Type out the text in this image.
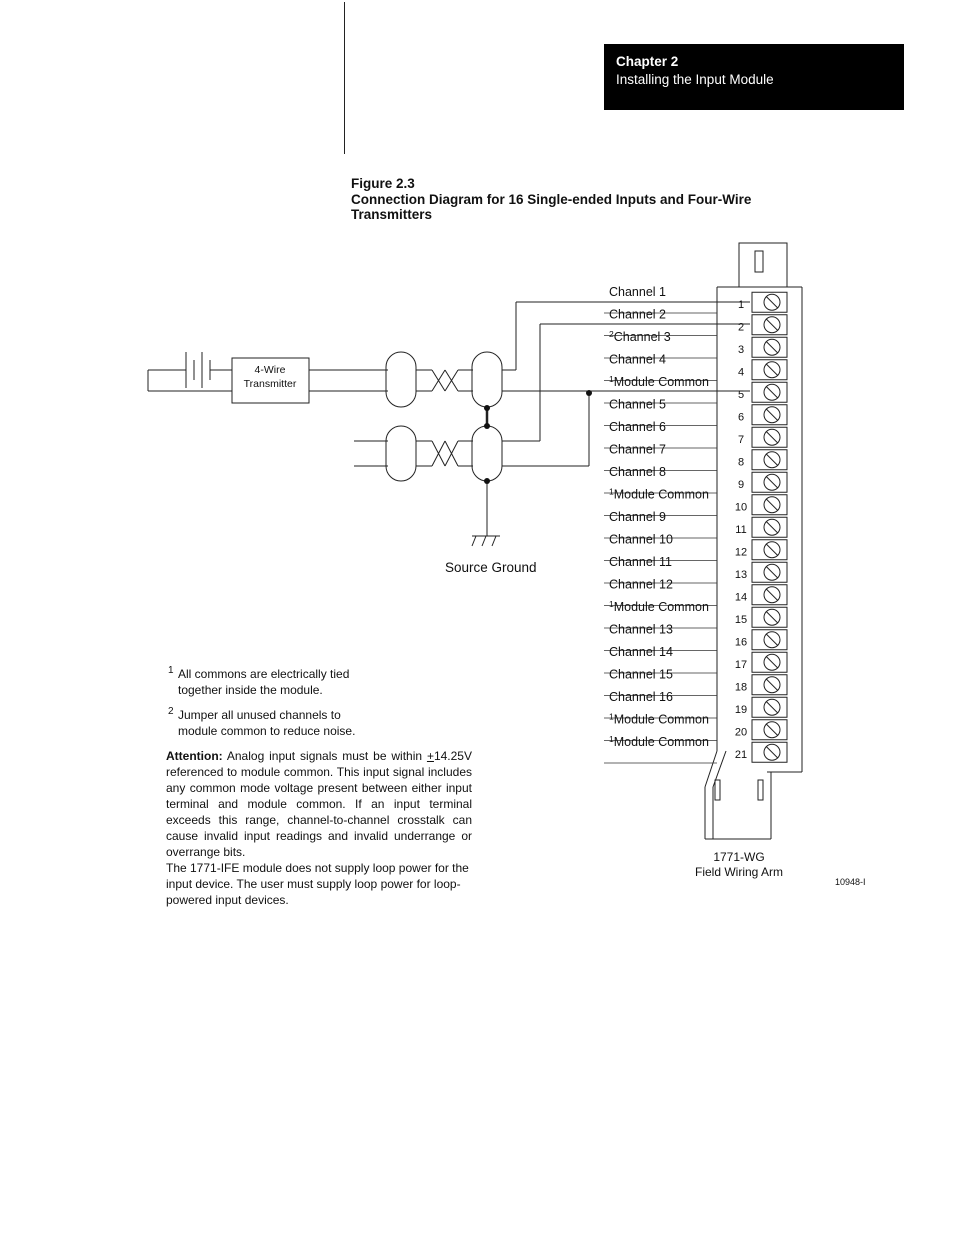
Chapter 2
Installing the Input Module
Figure 2.3
Connection Diagram for 16 Single-ended Inputs and Four-Wire
Transmitters
Channel 1
1
Channel 2
2
$^2$Channel 3
3
Channel 4
4
$^1$Module Common
5
Channel 5
6
Channel 6
7
Channel 7
8
Channel 8
9
$^1$Module Common
10
Channel 9
11
Channel 10
12
Channel 11
13
Channel 12
14
$^1$Module Common
15
Channel 13
16
Channel 14
17
Channel 15
18
Channel 16
19
$^1$Module Common
20
$^1$Module Common
21
4-Wire
Transmitter
Source Ground
1771-WG
Field Wiring Arm
10948-I
1 All commons are electrically tied
together inside the module.
2 Jumper all unused channels to
module common to reduce noise.
Attention: Analog input signals must be within +14.25V referenced to module common. This input signal includes any common mode voltage present between either input terminal and module common. If an input terminal exceeds this range, channel-to-channel crosstalk can cause invalid input readings and invalid underrange or overrange bits.
The 1771-IFE module does not supply loop power for the input device. The user must supply loop power for loop-powered input devices.
